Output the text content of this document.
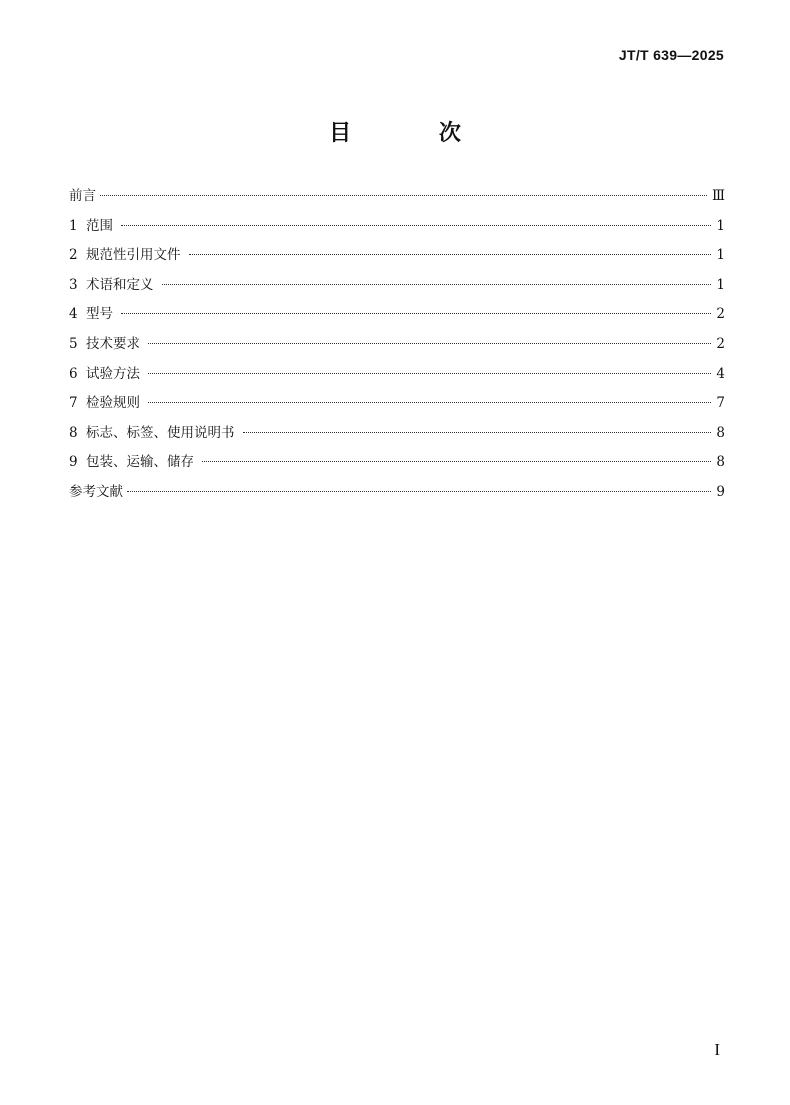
JT/T 639—2025
目 次
前言	Ⅲ
1 范围	1
2 规范性引用文件	1
3 术语和定义	1
4 型号	2
5 技术要求	2
6 试验方法	4
7 检验规则	7
8 标志、标签、使用说明书	8
9 包装、运输、储存	8
参考文献	9
I
